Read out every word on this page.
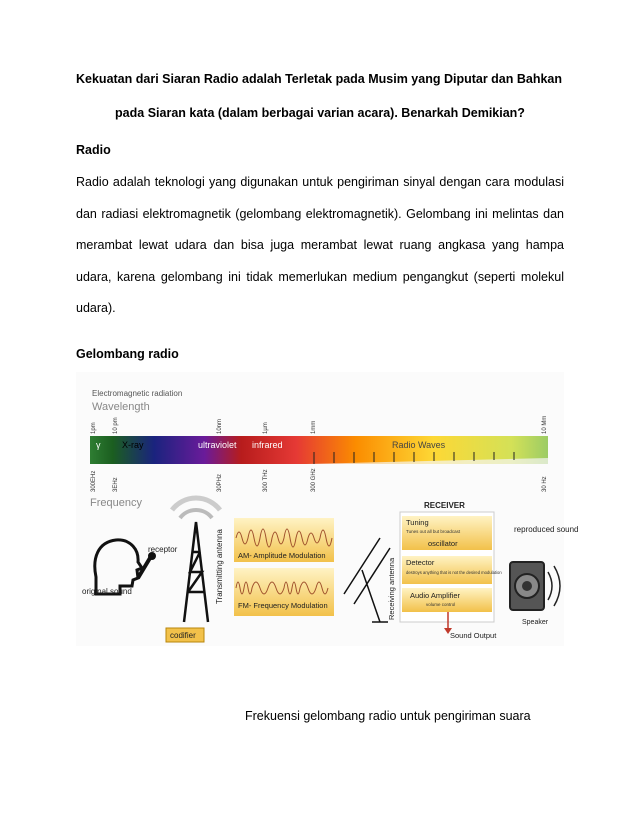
Kekuatan dari Siaran Radio adalah Terletak pada Musim yang Diputar dan Bahkan
pada Siaran kata (dalam berbagai varian acara). Benarkah Demikian?
Radio
Radio adalah teknologi yang digunakan untuk pengiriman sinyal dengan cara modulasi dan radiasi elektromagnetik (gelombang elektromagnetik). Gelombang ini melintas dan merambat lewat udara dan bisa juga merambat lewat ruang angkasa yang hampa udara, karena gelombang ini tidak memerlukan medium pengangkut (seperti molekul udara).
Gelombang radio
Electromagnetic radiation
Wavelength
1pm	10 pm	10nm	1µm	1mm	10 Mm
γ X-ray	ultraviolet infrared	Radio Waves
300EHz	3EHz	30PHz	300 THz	300 GHz	30 Hz
Frequency
original sound
receptor	Transmitting antenna
codifier
AM- Amplitude Modulation
FM- Frequency Modulation	Receiving antenna
RECEIVER
Tuning
Tunes out all but broadcast
oscillator
Detector
destroys anything that is not the desired modulation
Audio Amplifier
volume control
Sound Output
reproduced sound
Speaker
Frekuensi gelombang radio untuk pengiriman suara
